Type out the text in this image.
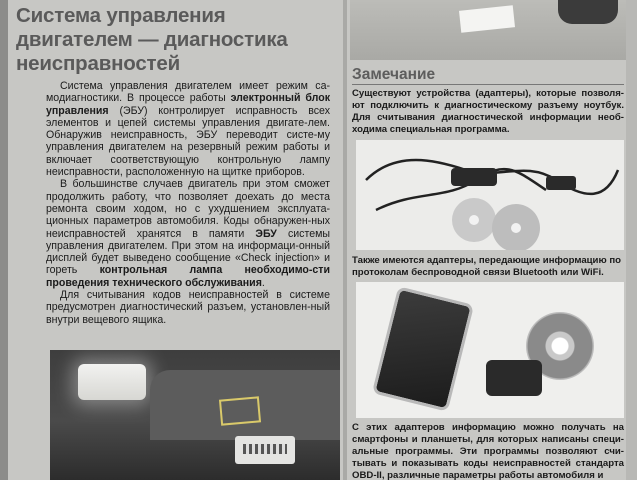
Система управления
двигателем — диагностика
неисправностей

Система управления двигателем имеет режим са-модиагностики. В процессе работы электронный блок управления (ЭБУ) контролирует исправность всех элементов и цепей системы управления двигате-лем. Обнаружив неисправность, ЭБУ переводит систе-му управления двигателем на резервный режим работы и включает соответствующую контрольную лампу неисправности, расположенную на щитке приборов.

В большинстве случаев двигатель при этом сможет продолжить работу, что позволяет доехать до места ремонта своим ходом, но с ухудшением эксплуата-ционных параметров автомобиля. Коды обнаружен-ных неисправностей хранятся в памяти ЭБУ системы управления двигателем. При этом на информаци-онный дисплей будет выведено сообщение «Check injection» и гореть контрольная лампа необходимо-сти проведения технического обслуживания.

Для считывания кодов неисправностей в системе предусмотрен диагностический разъем, установлен-ный внутри вещевого ящика.

Замечание
Существуют устройства (адаптеры), которые позволя-ют подключить к диагностическому разъему ноутбук. Для считывания диагностической информации необ-ходима специальная программа.
Также имеются адаптеры, передающие информацию по протоколам беспроводной связи Bluetooth или WiFi.
С этих адаптеров информацию можно получать на смартфоны и планшеты, для которых написаны специ-альные программы. Эти программы позволяют счи-тывать и показывать коды неисправностей стандарта OBD-II, различные параметры работы автомобиля и
